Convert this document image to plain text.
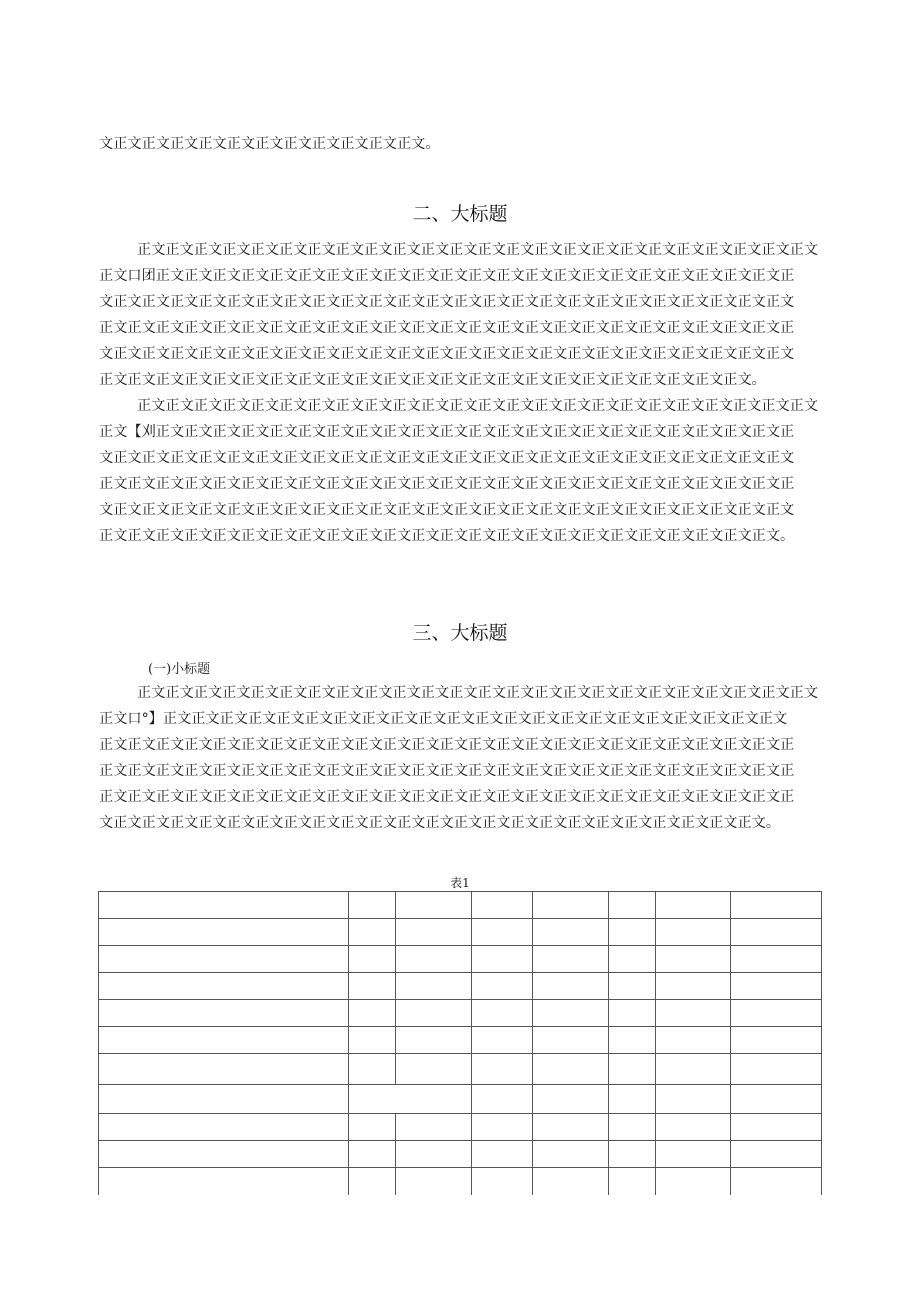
文正文正文正文正文正文正文正文正文正文正文正文。
二、大标题
正文正文正文正文正文正文正文正文正文正文正文正文正文正文正文正文正文正文正文正文正文正文正文正文
正文口团正文正文正文正文正文正文正文正文正文正文正文正文正文正文正文正文正文正文正文正文正文正文正
文正文正文正文正文正文正文正文正文正文正文正文正文正文正文正文正文正文正文正文正文正文正文正文正文
正文正文正文正文正文正文正文正文正文正文正文正文正文正文正文正文正文正文正文正文正文正文正文正文正
文正文正文正文正文正文正文正文正文正文正文正文正文正文正文正文正文正文正文正文正文正文正文正文正文
正文正文正文正文正文正文正文正文正文正文正文正文正文正文正文正文正文正文正文正文正文正文正文。
正文正文正文正文正文正文正文正文正文正文正文正文正文正文正文正文正文正文正文正文正文正文正文正文
正文【刈正文正文正文正文正文正文正文正文正文正文正文正文正文正文正文正文正文正文正文正文正文正文正
文正文正文正文正文正文正文正文正文正文正文正文正文正文正文正文正文正文正文正文正文正文正文正文正文
正文正文正文正文正文正文正文正文正文正文正文正文正文正文正文正文正文正文正文正文正文正文正文正文正
文正文正文正文正文正文正文正文正文正文正文正文正文正文正文正文正文正文正文正文正文正文正文正文正文
正文正文正文正文正文正文正文正文正文正文正文正文正文正文正文正文正文正文正文正文正文正文正文正文。
三、大标题
(一)小标题
正文正文正文正文正文正文正文正文正文正文正文正文正文正文正文正文正文正文正文正文正文正文正文正文
正文口°】正文正文正文正文正文正文正文正文正文正文正文正文正文正文正文正文正文正文正文正文正文正文
正文正文正文正文正文正文正文正文正文正文正文正文正文正文正文正文正文正文正文正文正文正文正文正文正
正文正文正文正文正文正文正文正文正文正文正文正文正文正文正文正文正文正文正文正文正文正文正文正文正
正文正文正文正文正文正文正文正文正文正文正文正文正文正文正文正文正文正文正文正文正文正文正文正文正
文正文正文正文正文正文正文正文正文正文正文正文正文正文正文正文正文正文正文正文正文正文正文正文。
表1
